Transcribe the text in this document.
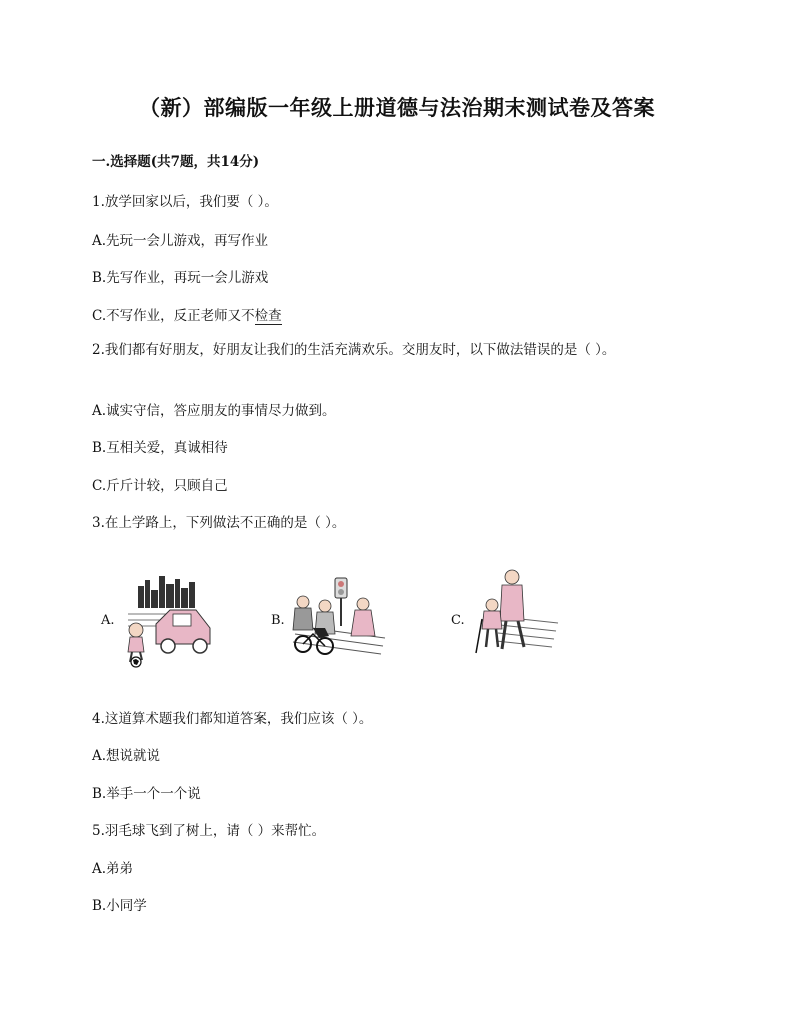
（新）部编版一年级上册道德与法治期末测试卷及答案
一.选择题(共7题，共14分)
1.放学回家以后，我们要（ ）。
A.先玩一会儿游戏，再写作业
B.先写作业，再玩一会儿游戏
C.不写作业，反正老师又不检查
2.我们都有好朋友，好朋友让我们的生活充满欢乐。交朋友时，以下做法错误的是（ ）。
A.诚实守信，答应朋友的事情尽力做到。
B.互相关爱，真诚相待
C.斤斤计较，只顾自己
3.在上学路上，下列做法不正确的是（ ）。
A.	B.	C.
4.这道算术题我们都知道答案，我们应该（ ）。
A.想说就说
B.举手一个一个说
5.羽毛球飞到了树上，请（ ）来帮忙。
A.弟弟
B.小同学
